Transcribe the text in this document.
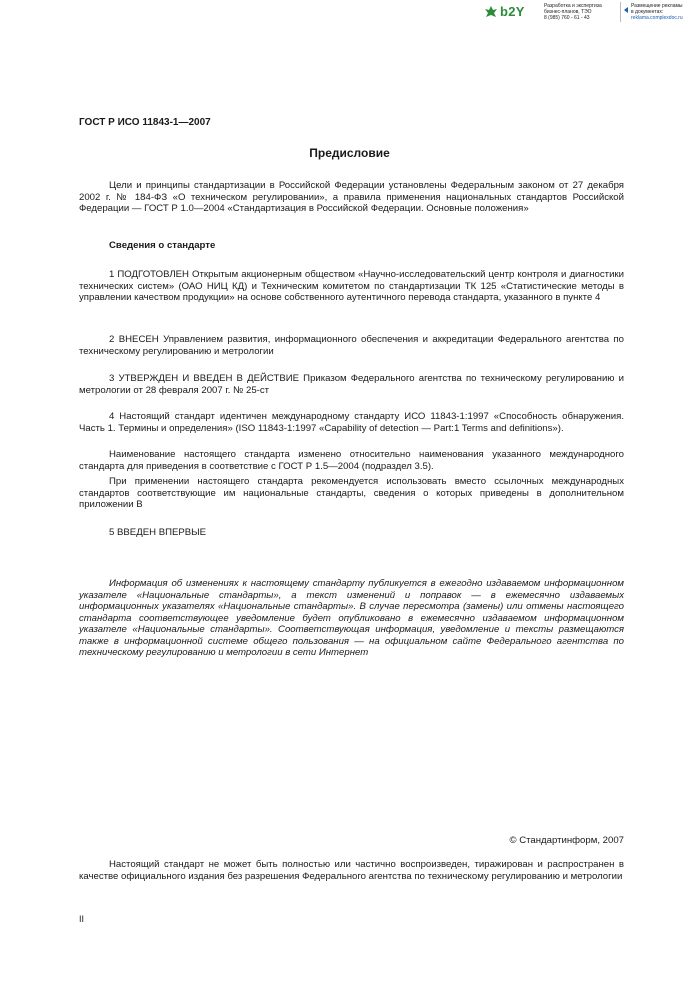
b2Y	Разработка и экспертиза
бизнес-планов, ТЭО
8 (985) 760 - 61 - 43
Размещение рекламы
в документах:
reklama.complexdoc.ru

ГОСТ Р ИСО 11843-1—2007

Предисловие

Цели и принципы стандартизации в Российской Федерации установлены Федеральным законом от 27 декабря 2002 г. № 184-ФЗ «О техническом регулировании», а правила применения национальных стандартов Российской Федерации — ГОСТ Р 1.0—2004 «Стандартизация в Российской Федерации. Основные положения»

Сведения о стандарте

1 ПОДГОТОВЛЕН Открытым акционерным обществом «Научно-исследовательский центр контроля и диагностики технических систем» (ОАО НИЦ КД) и Техническим комитетом по стандартизации ТК 125 «Статистические методы в управлении качеством продукции» на основе собственного аутентичного перевода стандарта, указанного в пункте 4

2 ВНЕСЕН Управлением развития, информационного обеспечения и аккредитации Федерального агентства по техническому регулированию и метрологии

3 УТВЕРЖДЕН И ВВЕДЕН В ДЕЙСТВИЕ Приказом Федерального агентства по техническому регулированию и метрологии от 28 февраля 2007 г. № 25-ст

4 Настоящий стандарт идентичен международному стандарту ИСО 11843-1:1997 «Способность обнаружения. Часть 1. Термины и определения» (ISO 11843-1:1997 «Capability of detection — Part:1 Terms and definitions»).

Наименование настоящего стандарта изменено относительно наименования указанного международного стандарта для приведения в соответствие с ГОСТ Р 1.5—2004 (подраздел 3.5).

При применении настоящего стандарта рекомендуется использовать вместо ссылочных международных стандартов соответствующие им национальные стандарты, сведения о которых приведены в дополнительном приложении В

5 ВВЕДЕН ВПЕРВЫЕ

Информация об изменениях к настоящему стандарту публикуется в ежегодно издаваемом информационном указателе «Национальные стандарты», а текст изменений и поправок — в ежемесячно издаваемых информационных указателях «Национальные стандарты». В случае пересмотра (замены) или отмены настоящего стандарта соответствующее уведомление будет опубликовано в ежемесячно издаваемом информационном указателе «Национальные стандарты». Соответствующая информация, уведомление и тексты размещаются также в информационной системе общего пользования — на официальном сайте Федерального агентства по техническому регулированию и метрологии в сети Интернет

© Стандартинформ, 2007

Настоящий стандарт не может быть полностью или частично воспроизведен, тиражирован и распространен в качестве официального издания без разрешения Федерального агентства по техническому регулированию и метрологии

II
